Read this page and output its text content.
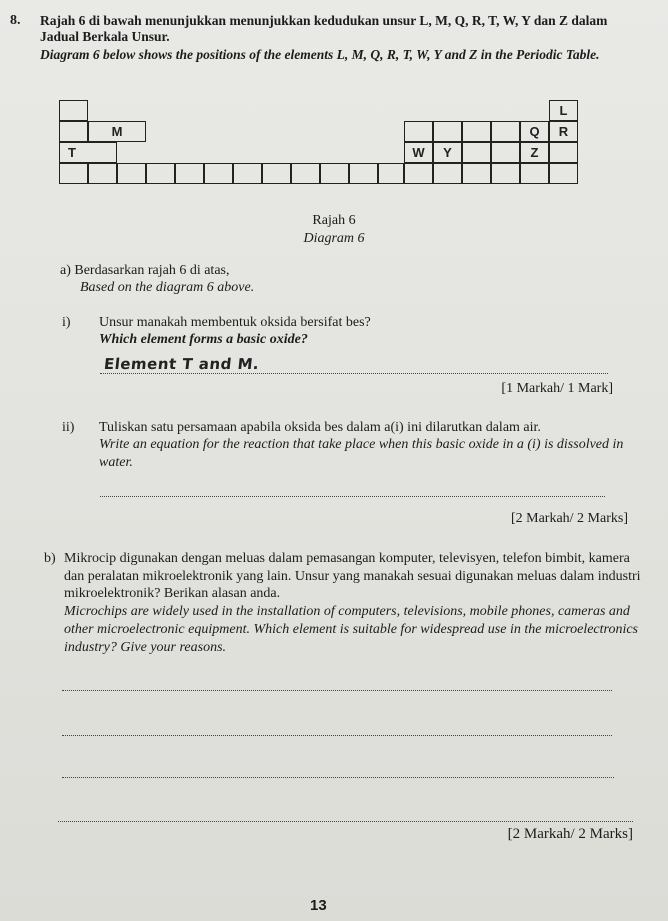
8. Rajah 6 di bawah menunjukkan menunjukkan kedudukan unsur L, M, Q, R, T, W, Y dan Z dalam Jadual Berkala Unsur.
Diagram 6 below shows the positions of the elements L, M, Q, R, T, W, Y and Z in the Periodic Table.
L
M	Q	R
T	W	Y	Z
Rajah 6
Diagram 6
a) Berdasarkan rajah 6 di atas,
Based on the diagram 6 above.
i) Unsur manakah membentuk oksida bersifat bes?
Which element forms a basic oxide?
Element T and M.
[1 Markah/ 1 Mark]
ii) Tuliskan satu persamaan apabila oksida bes dalam a(i) ini dilarutkan dalam air.
Write an equation for the reaction that take place when this basic oxide in a (i) is dissolved in water.
[2 Markah/ 2 Marks]
b) Mikrocip digunakan dengan meluas dalam pemasangan komputer, televisyen, telefon bimbit, kamera dan peralatan mikroelektronik yang lain. Unsur yang manakah sesuai digunakan meluas dalam industri mikroelektronik? Berikan alasan anda.
Microchips are widely used in the installation of computers, televisions, mobile phones, cameras and other microelectronic equipment. Which element is suitable for widespread use in the microelectronics industry? Give your reasons.
[2 Markah/ 2 Marks]
13
